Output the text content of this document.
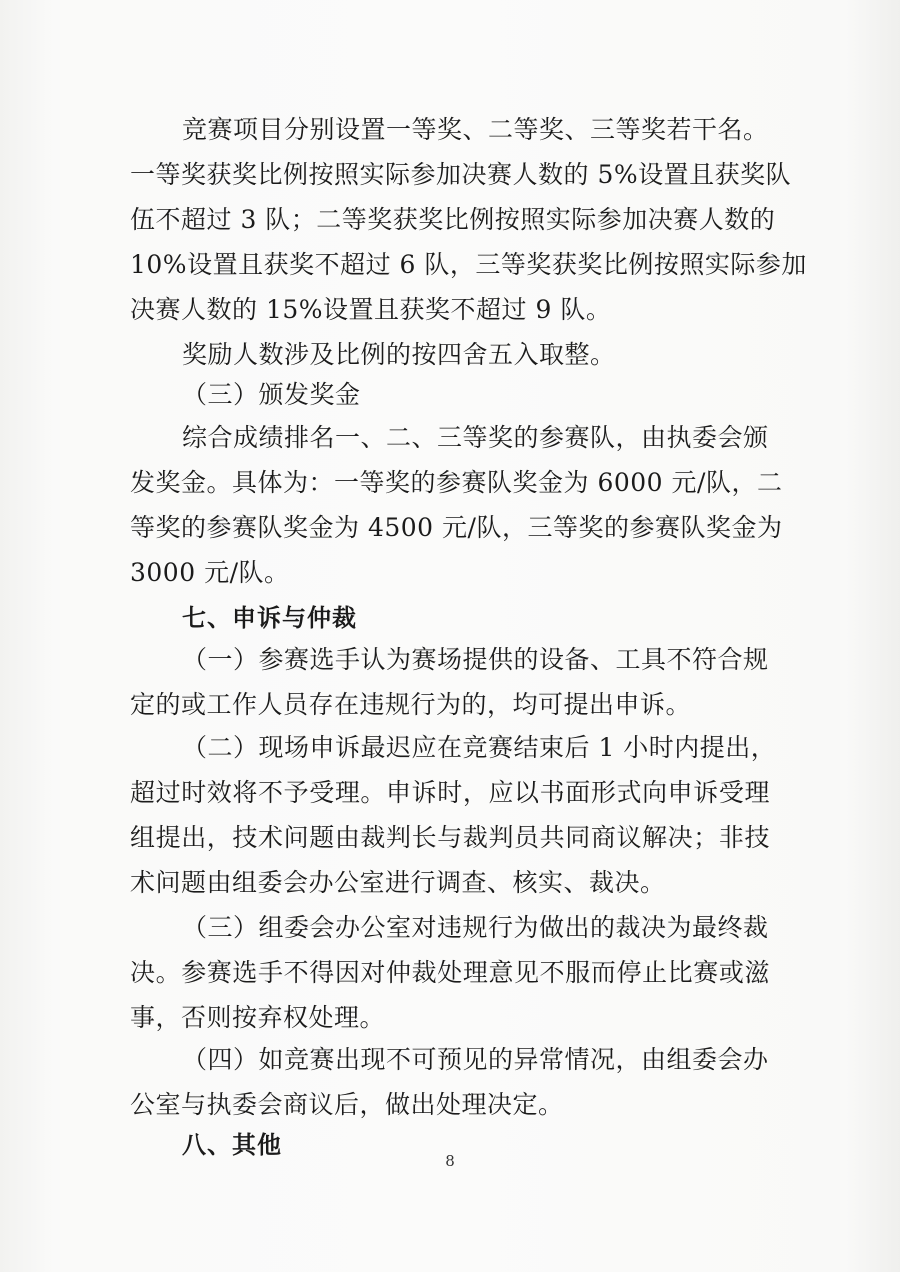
竞赛项目分别设置一等奖、二等奖、三等奖若干名。
一等奖获奖比例按照实际参加决赛人数的 5%设置且获奖队
伍不超过 3 队；二等奖获奖比例按照实际参加决赛人数的
10%设置且获奖不超过 6 队，三等奖获奖比例按照实际参加
决赛人数的 15%设置且获奖不超过 9 队。
奖励人数涉及比例的按四舍五入取整。
（三）颁发奖金
综合成绩排名一、二、三等奖的参赛队，由执委会颁
发奖金。具体为：一等奖的参赛队奖金为 6000 元/队，二
等奖的参赛队奖金为 4500 元/队，三等奖的参赛队奖金为
3000 元/队。
七、申诉与仲裁
（一）参赛选手认为赛场提供的设备、工具不符合规
定的或工作人员存在违规行为的，均可提出申诉。
（二）现场申诉最迟应在竞赛结束后 1 小时内提出，
超过时效将不予受理。申诉时，应以书面形式向申诉受理
组提出，技术问题由裁判长与裁判员共同商议解决；非技
术问题由组委会办公室进行调查、核实、裁决。
（三）组委会办公室对违规行为做出的裁决为最终裁
决。参赛选手不得因对仲裁处理意见不服而停止比赛或滋
事，否则按弃权处理。
（四）如竞赛出现不可预见的异常情况，由组委会办
公室与执委会商议后，做出处理决定。
八、其他
8
